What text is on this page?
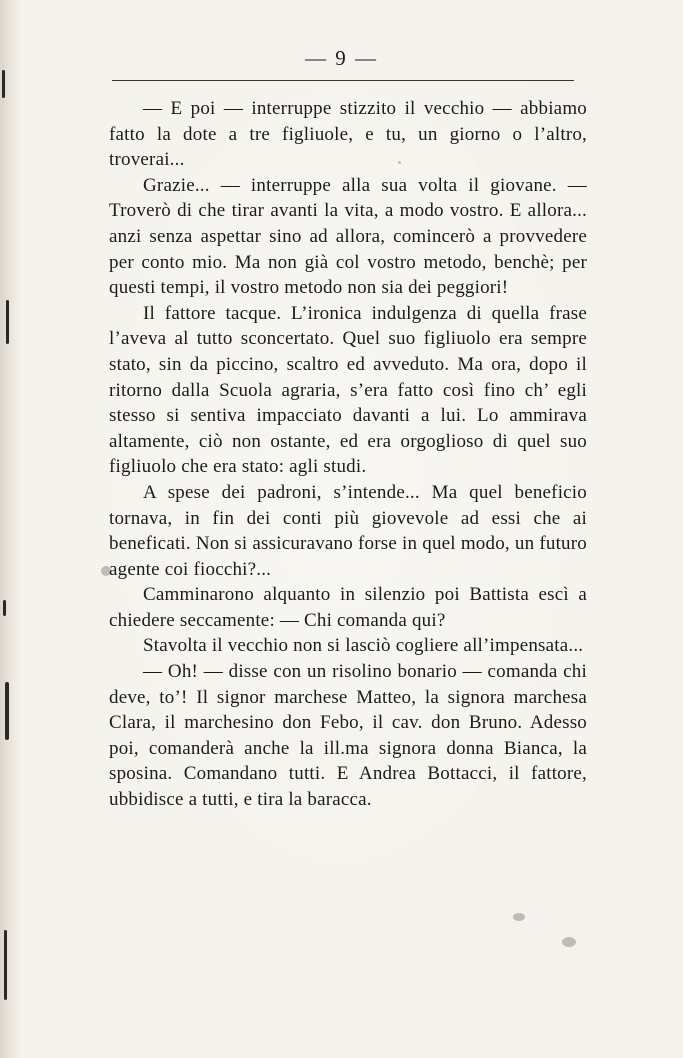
— 9 —

— E poi — interruppe stizzito il vecchio — abbiamo fatto la dote a tre figliuole, e tu, un giorno o l’altro, troverai...

Grazie... — interruppe alla sua volta il giovane. — Troverò di che tirar avanti la vita, a modo vostro. E allora... anzi senza aspettar sino ad allora, comincerò a provvedere per conto mio. Ma non già col vostro metodo, benchè; per questi tempi, il vostro metodo non sia dei peggiori!

Il fattore tacque. L’ironica indulgenza di quella frase l’aveva al tutto sconcertato. Quel suo figliuolo era sempre stato, sin da piccino, scaltro ed avveduto. Ma ora, dopo il ritorno dalla Scuola agraria, s’era fatto così fino ch’ egli stesso si sentiva impacciato davanti a lui. Lo ammirava altamente, ciò non ostante, ed era orgoglioso di quel suo figliuolo che era stato: agli studi.

A spese dei padroni, s’intende... Ma quel beneficio tornava, in fin dei conti più giovevole ad essi che ai beneficati. Non si assicuravano forse in quel modo, un futuro agente coi fiocchi?...

Camminarono alquanto in silenzio poi Battista escì a chiedere seccamente: — Chi comanda qui?

Stavolta il vecchio non si lasciò cogliere all’impensata...

— Oh! — disse con un risolino bonario — comanda chi deve, to’! Il signor marchese Matteo, la signora marchesa Clara, il marchesino don Febo, il cav. don Bruno. Adesso poi, comanderà anche la ill.ma signora donna Bianca, la sposina. Comandano tutti. E Andrea Bottacci, il fattore, ubbidisce a tutti, e tira la baracca.
